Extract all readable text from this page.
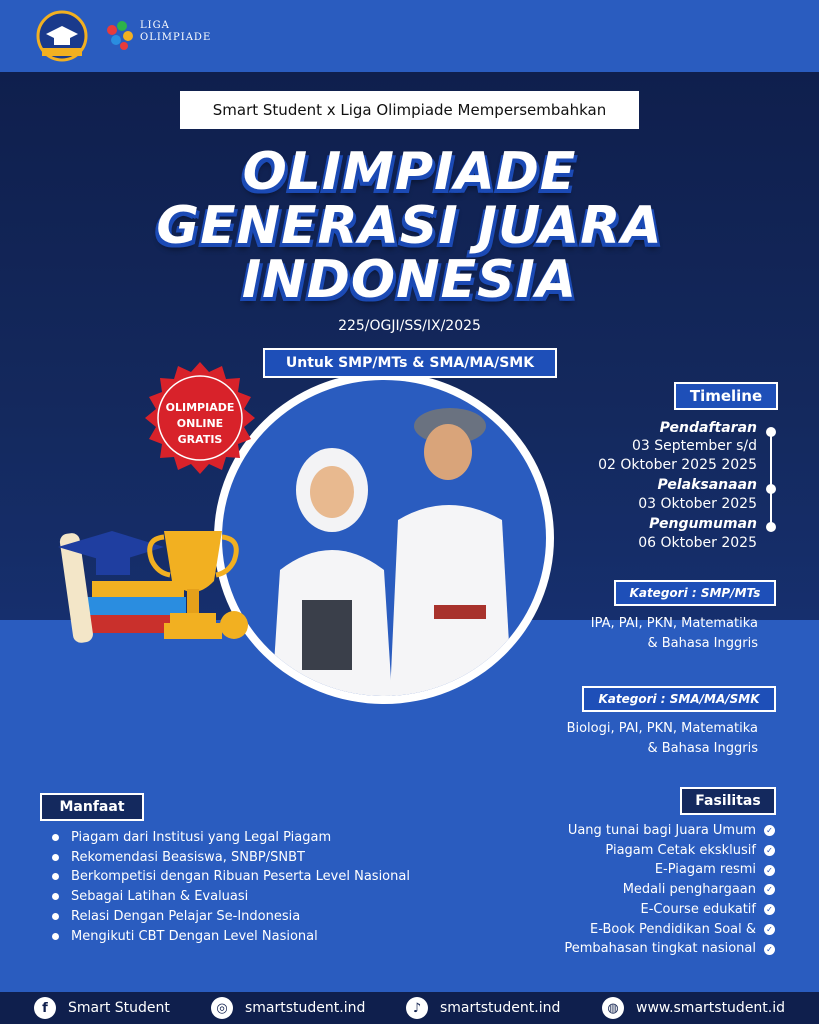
LIGA
OLIMPIADE
Smart Student x Liga Olimpiade Mempersembahkan
OLIMPIADE
GENERASI JUARA
INDONESIA
225/OGJI/SS/IX/2025
Untuk SMP/MTs & SMA/MA/SMK
OLIMPIADE
ONLINE
GRATIS
Timeline
Pendaftaran
03 September s/d
02 Oktober 2025 2025
Pelaksanaan
03 Oktober 2025
Pengumuman
06 Oktober 2025
Kategori : SMP/MTs
IPA, PAI, PKN, Matematika
& Bahasa Inggris
Kategori : SMA/MA/SMK
Biologi, PAI, PKN, Matematika
& Bahasa Inggris
Manfaat
Piagam dari Institusi yang Legal Piagam
Rekomendasi Beasiswa, SNBP/SNBT
Berkompetisi dengan Ribuan Peserta Level Nasional
Sebagai Latihan & Evaluasi
Relasi Dengan Pelajar Se-Indonesia
Mengikuti CBT Dengan Level Nasional
Fasilitas
Uang tunai bagi Juara Umum ✓
Piagam Cetak eksklusif ✓
E-Piagam resmi ✓
Medali penghargaan ✓
E-Course edukatif ✓
E-Book Pendidikan Soal & ✓
Pembahasan tingkat nasional ✓
f	Smart Student	◎	smartstudent.ind	♪	smartstudent.ind	◍	www.smartstudent.id
